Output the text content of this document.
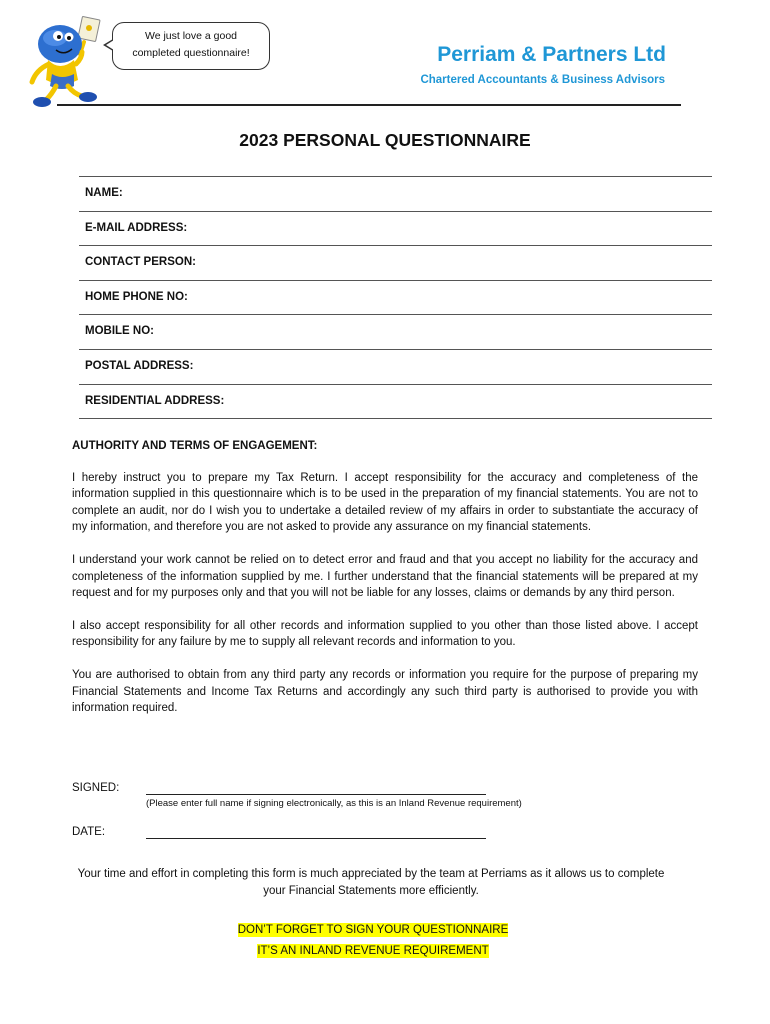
We just love a good
completed questionnaire!	Perriam & Partners Ltd
Chartered Accountants & Business Advisors
2023 PERSONAL QUESTIONNAIRE
NAME:
E-MAIL ADDRESS:
CONTACT PERSON:
HOME PHONE NO:
MOBILE NO:
POSTAL ADDRESS:
RESIDENTIAL ADDRESS:
AUTHORITY AND TERMS OF ENGAGEMENT:

I hereby instruct you to prepare my Tax Return. I accept responsibility for the accuracy and completeness of the information supplied in this questionnaire which is to be used in the preparation of my financial statements. You are not to complete an audit, nor do I wish you to undertake a detailed review of my affairs in order to substantiate the accuracy of my information, and therefore you are not asked to provide any assurance on my financial statements.

I understand your work cannot be relied on to detect error and fraud and that you accept no liability for the accuracy and completeness of the information supplied by me. I further understand that the financial statements will be prepared at my request and for my purposes only and that you will not be liable for any losses, claims or demands by any third person.

I also accept responsibility for all other records and information supplied to you other than those listed above. I accept responsibility for any failure by me to supply all relevant records and information to you.

You are authorised to obtain from any third party any records or information you require for the purpose of preparing my Financial Statements and Income Tax Returns and accordingly any such third party is authorised to provide you with information required.

SIGNED:
(Please enter full name if signing electronically, as this is an Inland Revenue requirement)
DATE:
Your time and effort in completing this form is much appreciated by the team at Perriams as it allows us to complete your Financial Statements more efficiently.
DON’T FORGET TO SIGN YOUR QUESTIONNAIRE
IT’S AN INLAND REVENUE REQUIREMENT
